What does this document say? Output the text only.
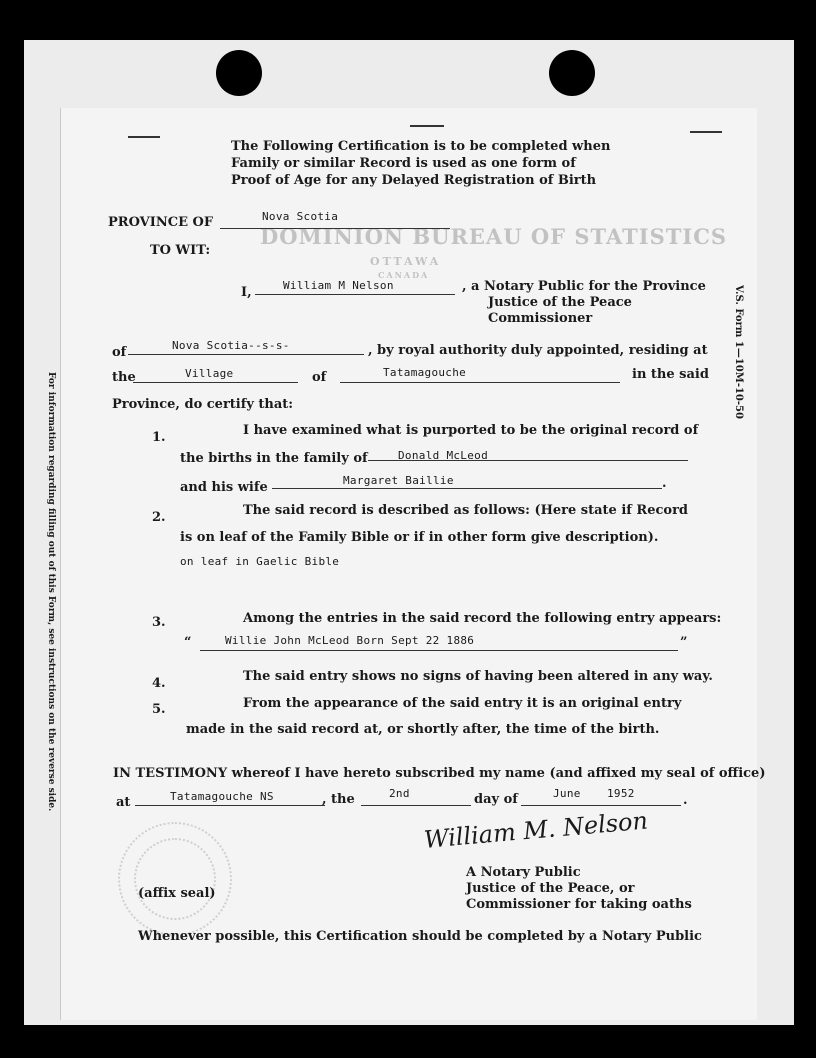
V.S. Form 1—10M-10-50
For information regarding filling out of this Form, see instructions on the reverse side.
DOMINION BUREAU OF STATISTICS
OTTAWA
CANADA
The Following Certification is to be completed when
Family or similar Record is used as one form of
Proof of Age for any Delayed Registration of Birth
PROVINCE OF	Nova Scotia
TO WIT:
I,	William M Nelson	, a Notary Public for the Province
Justice of the Peace
Commissioner
of	Nova Scotia--s-s-	, by royal authority duly appointed, residing at
the	Village	of	Tatamagouche	in the said
Province, do certify that:
1.	I have examined what is purported to be the original record of
the births in the family of	Donald McLeod
and his wife	Margaret Baillie	.
2.	The said record is described as follows: (Here state if Record
is on leaf of the Family Bible or if in other form give description).
on leaf in Gaelic Bible
3.	Among the entries in the said record the following entry appears:
“	Willie John McLeod Born Sept 22 1886	”
4.	The said entry shows no signs of having been altered in any way.
5.	From the appearance of the said entry it is an original entry
made in the said record at, or shortly after, the time of the birth.
IN TESTIMONY whereof I have hereto subscribed my name (and affixed my seal of office)
at	Tatamagouche NS	, the	2nd	day of	June 1952	.
William M. Nelson
A Notary Public
Justice of the Peace, or
Commissioner for taking oaths
(affix seal)
Whenever possible, this Certification should be completed by a Notary Public
